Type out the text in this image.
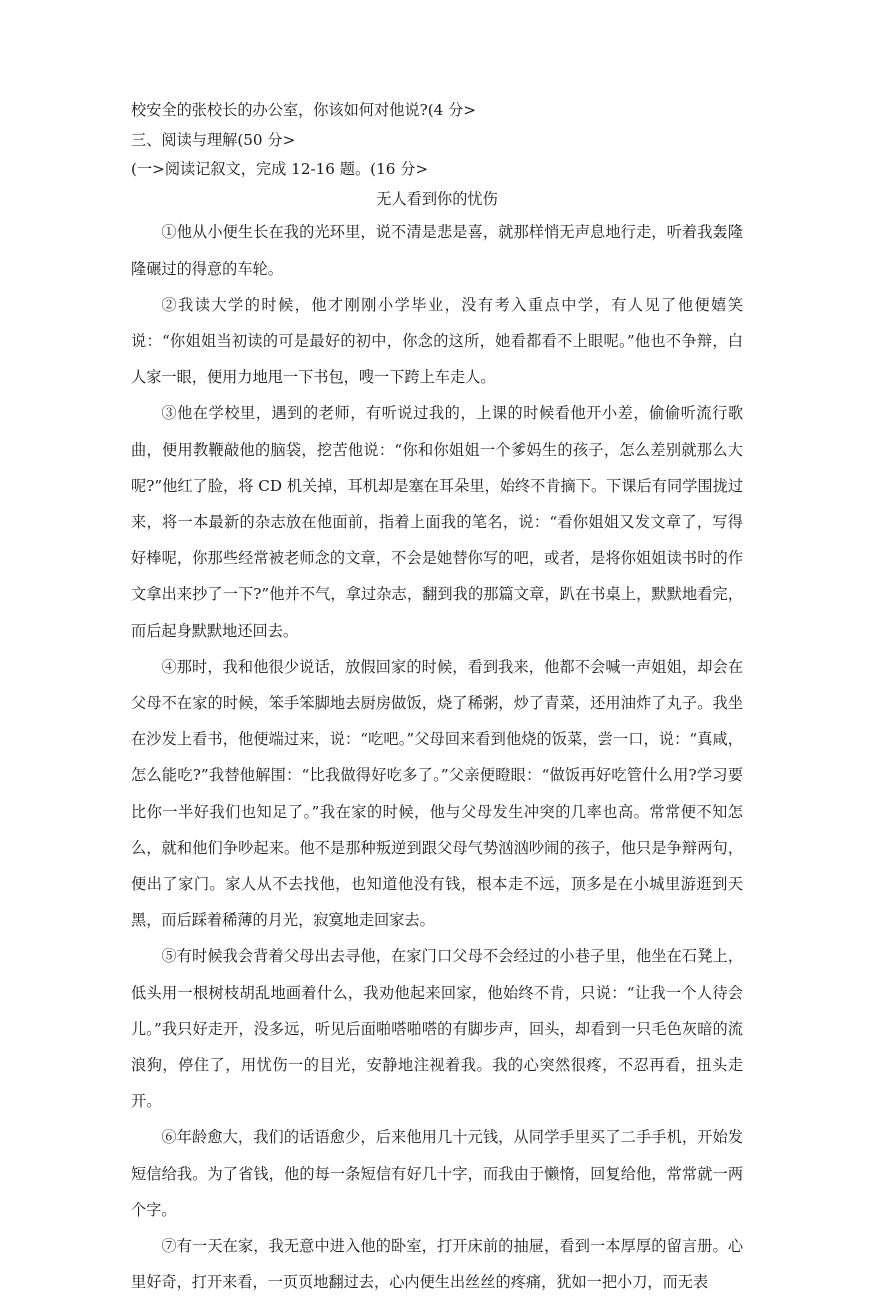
校安全的张校长的办公室，你该如何对他说?(4 分>

三、阅读与理解(50 分>

(一>阅读记叙文，完成 12-16 题。(16 分>

无人看到你的忧伤

①他从小便生长在我的光环里，说不清是悲是喜，就那样悄无声息地行走，听着我轰隆隆碾过的得意的车轮。

②我读大学的时候，他才刚刚小学毕业，没有考入重点中学，有人见了他便嬉笑说：“你姐姐当初读的可是最好的初中，你念的这所，她看都看不上眼呢。”他也不争辩，白人家一眼，便用力地甩一下书包，嗖一下跨上车走人。

③他在学校里，遇到的老师，有听说过我的，上课的时候看他开小差，偷偷听流行歌曲，便用教鞭敲他的脑袋，挖苦他说：“你和你姐姐一个爹妈生的孩子，怎么差别就那么大呢?”他红了脸，将 CD 机关掉，耳机却是塞在耳朵里，始终不肯摘下。下课后有同学围拢过来，将一本最新的杂志放在他面前，指着上面我的笔名，说：“看你姐姐又发文章了，写得好棒呢，你那些经常被老师念的文章，不会是她替你写的吧，或者，是将你姐姐读书时的作文拿出来抄了一下?”他并不气，拿过杂志，翻到我的那篇文章，趴在书桌上，默默地看完，而后起身默默地还回去。

④那时，我和他很少说话，放假回家的时候，看到我来，他都不会喊一声姐姐，却会在父母不在家的时候，笨手笨脚地去厨房做饭，烧了稀粥，炒了青菜，还用油炸了丸子。我坐在沙发上看书，他便端过来，说：“吃吧。”父母回来看到他烧的饭菜，尝一口，说：“真咸，怎么能吃?”我替他解围：“比我做得好吃多了。”父亲便瞪眼：“做饭再好吃管什么用?学习要比你一半好我们也知足了。”我在家的时候，他与父母发生冲突的几率也高。常常便不知怎么，就和他们争吵起来。他不是那种叛逆到跟父母气势汹汹吵闹的孩子，他只是争辩两句，便出了家门。家人从不去找他，也知道他没有钱，根本走不远，顶多是在小城里游逛到天黑，而后踩着稀薄的月光，寂寞地走回家去。

⑤有时候我会背着父母出去寻他，在家门口父母不会经过的小巷子里，他坐在石凳上，低头用一根树枝胡乱地画着什么，我劝他起来回家，他始终不肯，只说：“让我一个人待会儿。”我只好走开，没多远，听见后面啪嗒啪嗒的有脚步声，回头，却看到一只毛色灰暗的流浪狗，停住了，用忧伤一的目光，安静地注视着我。我的心突然很疼，不忍再看，扭头走开。

⑥年龄愈大，我们的话语愈少，后来他用几十元钱，从同学手里买了二手手机，开始发短信给我。为了省钱，他的每一条短信有好几十字，而我由于懒惰，回复给他，常常就一两个字。

⑦有一天在家，我无意中进入他的卧室，打开床前的抽屉，看到一本厚厚的留言册。心里好奇，打开来看，一页页地翻过去，心内便生出丝丝的疼痛，犹如一把小刀，而无表
